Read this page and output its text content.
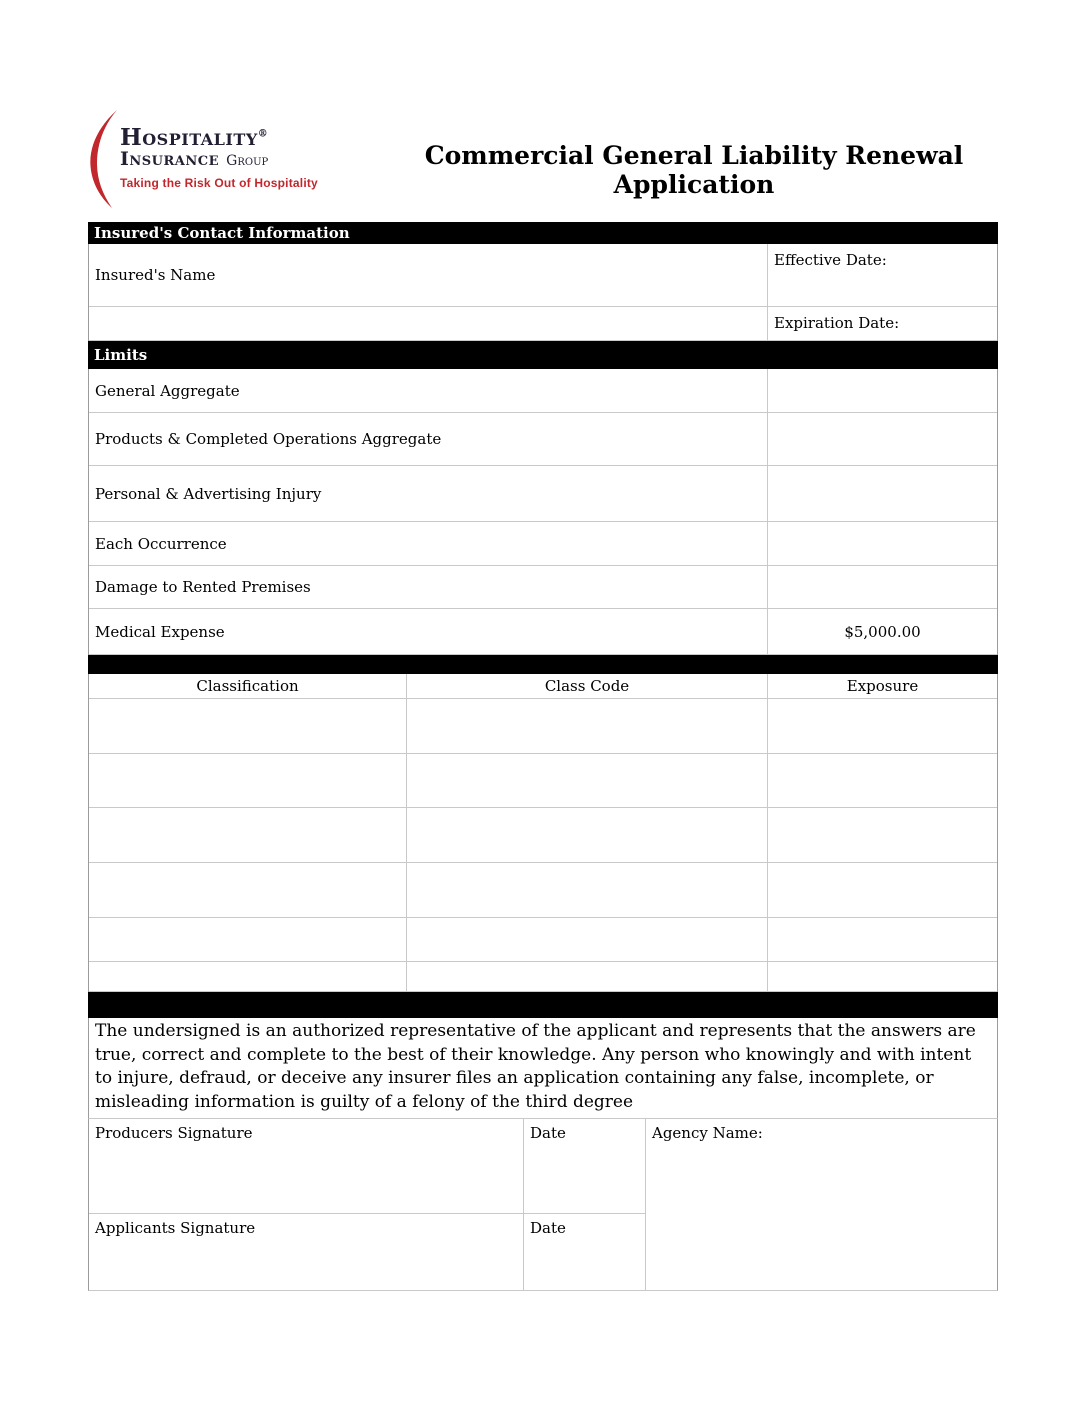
Hospitality®
Insurance Group
Taking the Risk Out of Hospitality
Commercial General Liability Renewal Application
Insured's Contact Information
Insured's Name
Effective Date:
Expiration Date:
Limits
General Aggregate
Products & Completed Operations Aggregate
Personal & Advertising Injury
Each Occurrence
Damage to Rented Premises
Medical Expense	$5,000.00
Classification	Class Code	Exposure
The undersigned is an authorized representative of the applicant and represents that the answers are true, correct and complete to the best of their knowledge. Any person who knowingly and with intent to injure, defraud, or deceive any insurer files an application containing any false, incomplete, or misleading information is guilty of a felony of the third degree
Producers Signature	Date	Agency Name:
Applicants Signature	Date
